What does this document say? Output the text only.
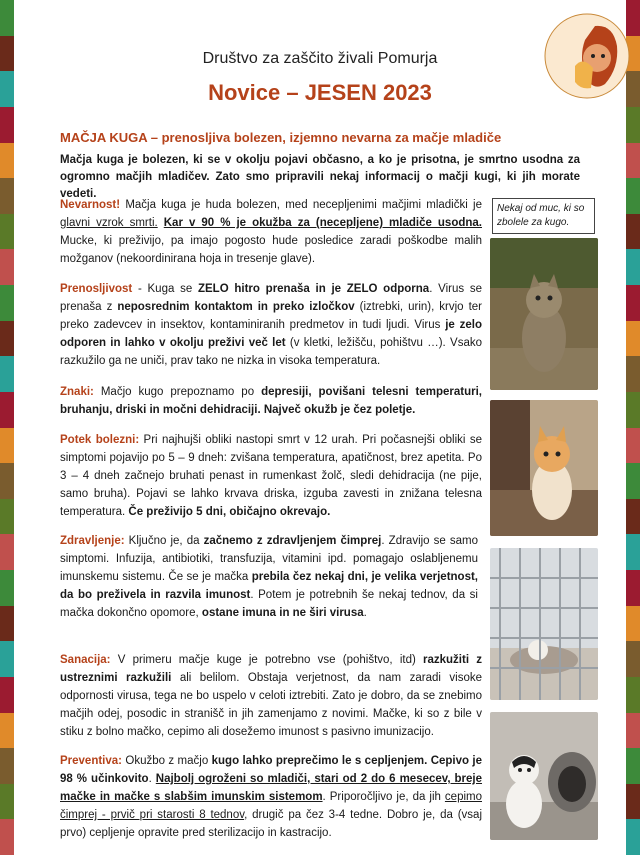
Društvo za zaščito živali Pomurja
Novice – JESEN 2023
MAČJA KUGA – prenosljiva bolezen, izjemno nevarna za mačje mladiče
Mačja kuga je bolezen, ki se v okolju pojavi občasno, a ko je prisotna, je smrtno usodna za ogromno mačjih mladičev. Zato smo pripravili nekaj informacij o mačji kugi, ki jih morate vedeti.
Nevarnost! Mačja kuga je huda bolezen, med necepljenimi mačjimi mladički je glavni vzrok smrti. Kar v 90 % je okužba za (necepljene) mladiče usodna. Mucke, ki preživijo, pa imajo pogosto hude posledice zaradi poškodbe malih možganov (nekoordinirana hoja in tresenje glave).
Prenosljivost - Kuga se ZELO hitro prenaša in je ZELO odporna. Virus se prenaša z neposrednim kontaktom in preko izločkov (iztrebki, urin), krvjo ter preko zadevcev in insektov, kontaminiranih predmetov in tudi ljudi. Virus je zelo odporen in lahko v okolju preživi več let (v kletki, ležišču, pohištvu …). Vsako razkužilo ga ne uniči, prav tako ne nizka in visoka temperatura.
Znaki: Mačjo kugo prepoznamo po depresiji, povišani telesni temperaturi, bruhanju, driski in močni dehidraciji. Največ okužb je čez poletje.
Potek bolezni: Pri najhujši obliki nastopi smrt v 12 urah. Pri počasnejši obliki se simptomi pojavijo po 5 – 9 dneh: zvišana temperatura, apatičnost, brez apetita. Po 3 – 4 dneh začnejo bruhati penast in rumenkast žolč, sledi dehidracija (ne pije, samo bruha). Pojavi se lahko krvava driska, izguba zavesti in znižana telesna temperatura. Če preživijo 5 dni, običajno okrevajo.
Zdravljenje: Ključno je, da začnemo z zdravljenjem čimprej. Zdravijo se samo simptomi. Infuzija, antibiotiki, transfuzija, vitamini ipd. pomagajo oslabljenemu imunskemu sistemu. Če se je mačka prebila čez nekaj dni, je velika verjetnost, da bo preživela in razvila imunost. Potem je potrebnih še nekaj tednov, da si mačka dokončno opomore, ostane imuna in ne širi virusa.
Sanacija: V primeru mačje kuge je potrebno vse (pohištvo, itd) razkužiti z ustreznimi razkužili ali belilom. Obstaja verjetnost, da nam zaradi visoke odpornosti virusa, tega ne bo uspelo v celoti iztrebiti. Zato je dobro, da se znebimo mačjih odej, posodic in stranišč in jih zamenjamo z novimi. Mačke, ki so z bile v stiku z bolno mačko, cepimo ali dosežemo imunost s pasivno imunizacijo.
Preventiva: Okužbo z mačjo kugo lahko preprečimo le s cepljenjem. Cepivo je 98 % učinkovito. Najbolj ogroženi so mladiči, stari od 2 do 6 mesecev, breje mačke in mačke s slabšim imunskim sistemom. Priporočljivo je, da jih cepimo čimprej - prvič pri starosti 8 tednov, drugič pa čez 3-4 tedne. Dobro je, da (vsaj prvo) cepljenje opravite pred sterilizacijo in kastracijo.
Nekaj od muc, ki so zbolele za kugo.
